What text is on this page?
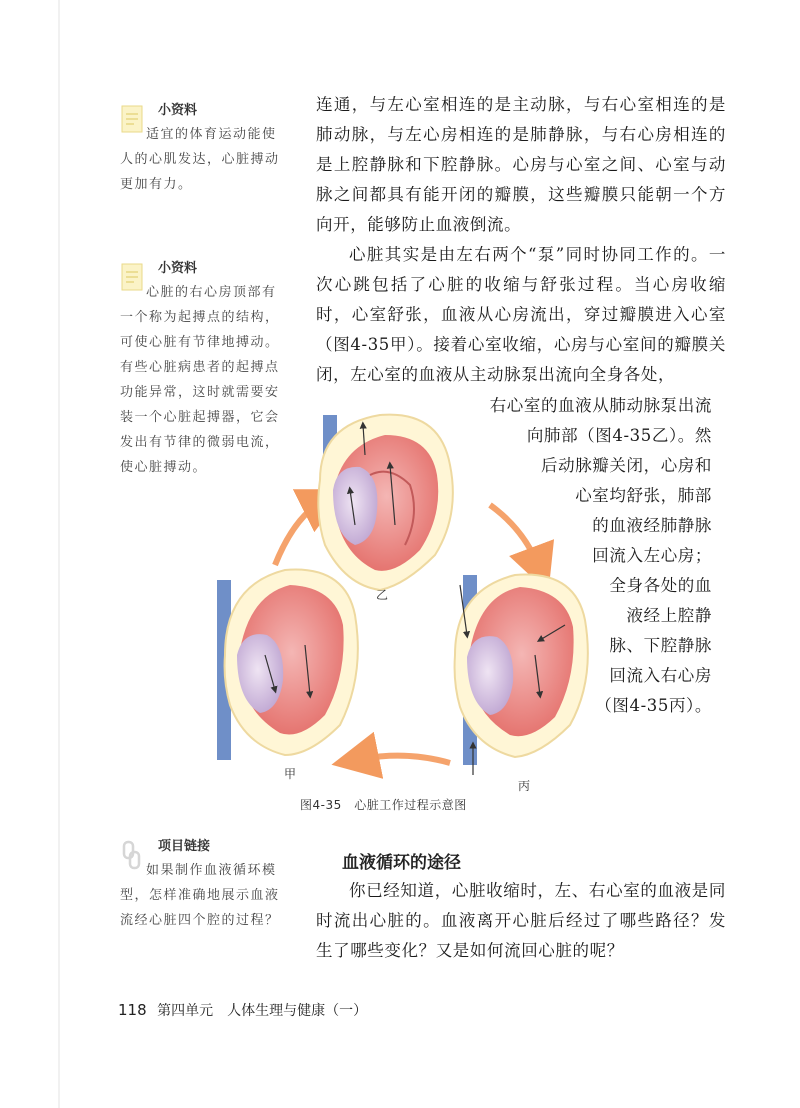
小资料
适宜的体育运动能使人的心肌发达，心脏搏动更加有力。
小资料
心脏的右心房顶部有一个称为起搏点的结构，可使心脏有节律地搏动。有些心脏病患者的起搏点功能异常，这时就需要安装一个心脏起搏器，它会发出有节律的微弱电流，使心脏搏动。

连通，与左心室相连的是主动脉，与右心室相连的是肺动脉，与左心房相连的是肺静脉，与右心房相连的是上腔静脉和下腔静脉。心房与心室之间、心室与动脉之间都具有能开闭的瓣膜，这些瓣膜只能朝一个方向开，能够防止血液倒流。

心脏其实是由左右两个“泵”同时协同工作的。一次心跳包括了心脏的收缩与舒张过程。当心房收缩时，心室舒张，血液从心房流出，穿过瓣膜进入心室（图4-35甲）。接着心室收缩，心房与心室间的瓣膜关闭，左心室的血液从主动脉泵出流向全身各处，

右心室的血液从肺动脉泵出流
向肺部（图4-35乙）。然
后动脉瓣关闭，心房和
心室均舒张，肺部
的血液经肺静脉
回流入左心房；
全身各处的血
液经上腔静
脉、下腔静脉
回流入右心房
（图4-35丙）。
乙
甲
丙
图4-35　心脏工作过程示意图
项目链接
如果制作血液循环模型，怎样准确地展示血液流经心脏四个腔的过程？
血液循环的途径

你已经知道，心脏收缩时，左、右心室的血液是同时流出心脏的。血液离开心脏后经过了哪些路径？发生了哪些变化？又是如何流回心脏的呢？

118 第四单元　人体生理与健康（一）
